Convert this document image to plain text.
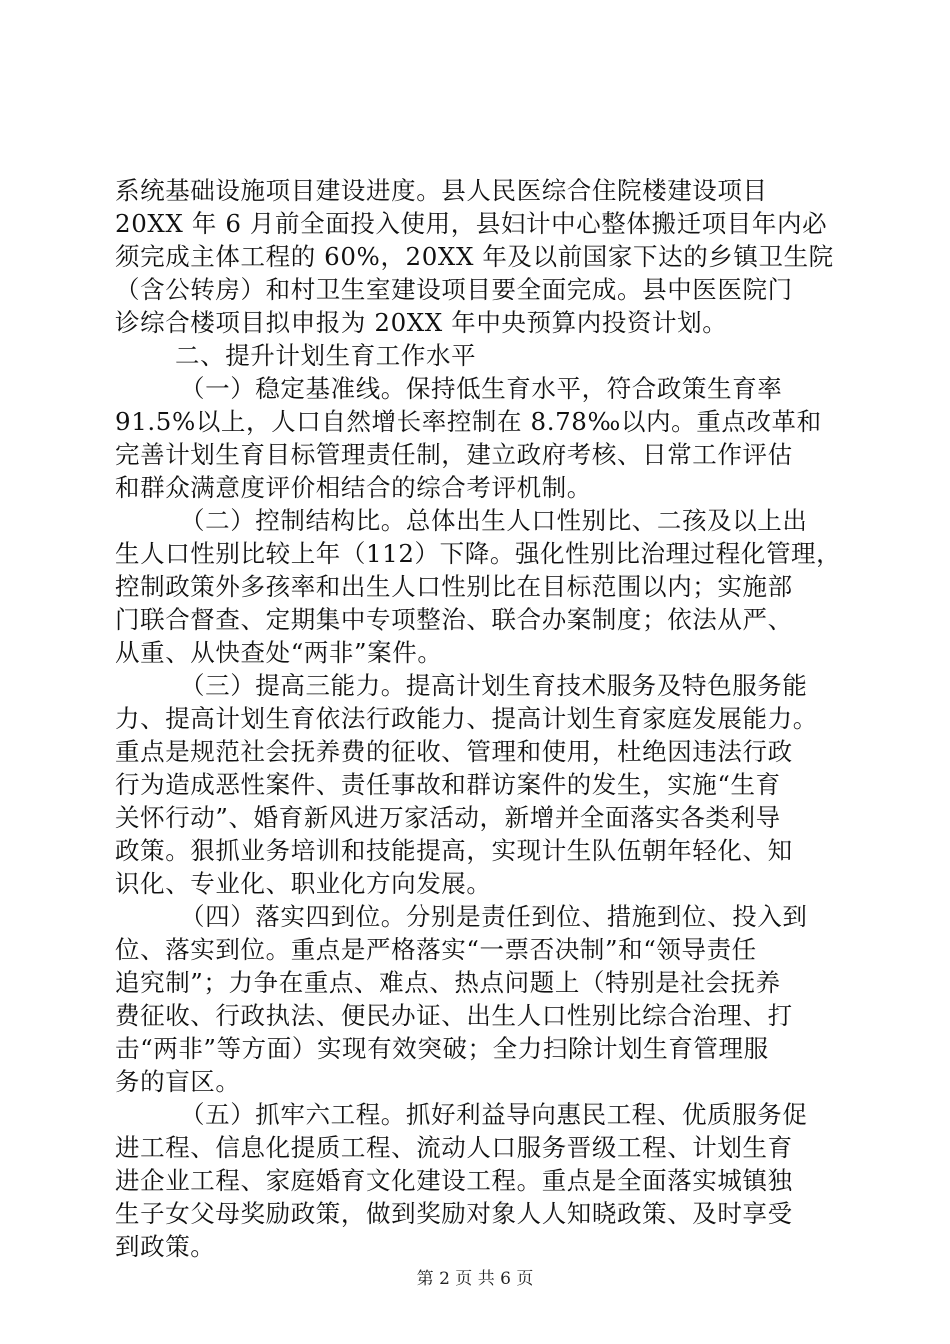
系统基础设施项目建设进度。县人民医综合住院楼建设项目
20XX 年 6 月前全面投入使用，县妇计中心整体搬迁项目年内必
须完成主体工程的 60%，20XX 年及以前国家下达的乡镇卫生院
（含公转房）和村卫生室建设项目要全面完成。县中医医院门
诊综合楼项目拟申报为 20XX 年中央预算内投资计划。
二、提升计划生育工作水平
（一）稳定基准线。保持低生育水平，符合政策生育率
91.5%以上，人口自然增长率控制在 8.78‰以内。重点改革和
完善计划生育目标管理责任制，建立政府考核、日常工作评估
和群众满意度评价相结合的综合考评机制。
（二）控制结构比。总体出生人口性别比、二孩及以上出
生人口性别比较上年（112）下降。强化性别比治理过程化管理，
控制政策外多孩率和出生人口性别比在目标范围以内；实施部
门联合督查、定期集中专项整治、联合办案制度；依法从严、
从重、从快查处“两非”案件。
（三）提高三能力。提高计划生育技术服务及特色服务能
力、提高计划生育依法行政能力、提高计划生育家庭发展能力。
重点是规范社会抚养费的征收、管理和使用，杜绝因违法行政
行为造成恶性案件、责任事故和群访案件的发生，实施“生育
关怀行动”、婚育新风进万家活动，新增并全面落实各类利导
政策。狠抓业务培训和技能提高，实现计生队伍朝年轻化、知
识化、专业化、职业化方向发展。
（四）落实四到位。分别是责任到位、措施到位、投入到
位、落实到位。重点是严格落实“一票否决制”和“领导责任
追究制”；力争在重点、难点、热点问题上（特别是社会抚养
费征收、行政执法、便民办证、出生人口性别比综合治理、打
击“两非”等方面）实现有效突破；全力扫除计划生育管理服
务的盲区。
（五）抓牢六工程。抓好利益导向惠民工程、优质服务促
进工程、信息化提质工程、流动人口服务晋级工程、计划生育
进企业工程、家庭婚育文化建设工程。重点是全面落实城镇独
生子女父母奖励政策，做到奖励对象人人知晓政策、及时享受
到政策。
第 2 页 共 6 页
